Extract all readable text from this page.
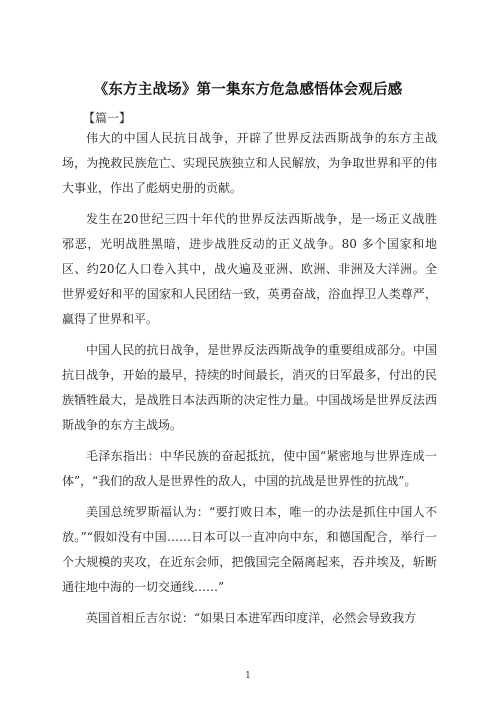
《东方主战场》第一集东方危急感悟体会观后感
【篇一】

伟大的中国人民抗日战争，开辟了世界反法西斯战争的东方主战场，为挽救民族危亡、实现民族独立和人民解放，为争取世界和平的伟大事业，作出了彪炳史册的贡献。

发生在20世纪三四十年代的世界反法西斯战争，是一场正义战胜邪恶，光明战胜黑暗，进步战胜反动的正义战争。80 多个国家和地区、约20亿人口卷入其中，战火遍及亚洲、欧洲、非洲及大洋洲。全世界爱好和平的国家和人民团结一致，英勇奋战，浴血捍卫人类尊严，赢得了世界和平。

中国人民的抗日战争，是世界反法西斯战争的重要组成部分。中国抗日战争，开始的最早，持续的时间最长，消灭的日军最多，付出的民族牺牲最大，是战胜日本法西斯的决定性力量。中国战场是世界反法西斯战争的东方主战场。

毛泽东指出：中华民族的奋起抵抗，使中国“紧密地与世界连成一体”，“我们的敌人是世界性的敌人，中国的抗战是世界性的抗战”。

美国总统罗斯福认为：“要打败日本，唯一的办法是抓住中国人不放。”“假如没有中国……日本可以一直冲向中东，和德国配合，举行一个大规模的夹攻，在近东会师，把俄国完全隔离起来，吞并埃及，斩断通往地中海的一切交通线……”

英国首相丘吉尔说：“如果日本进军西印度洋，必然会导致我方

1
